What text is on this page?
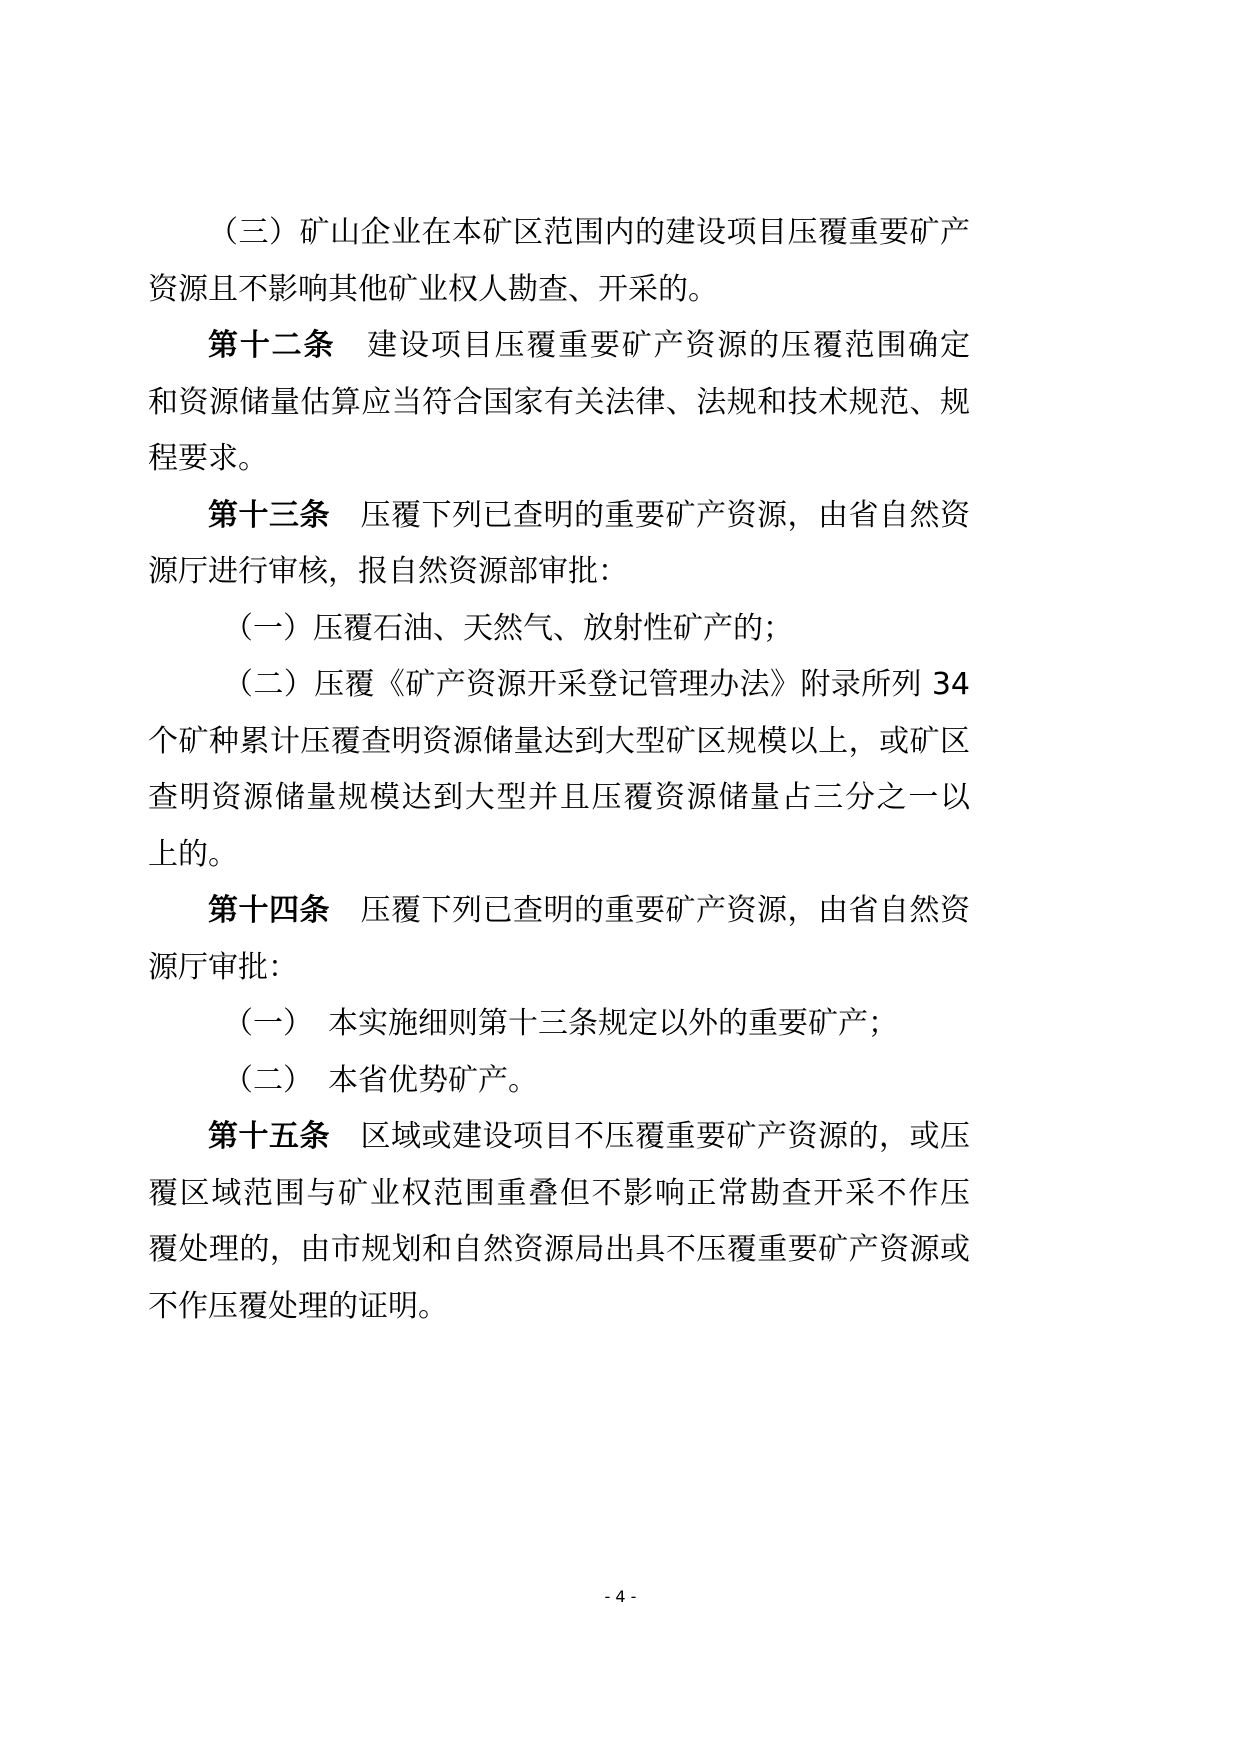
（三）矿山企业在本矿区范围内的建设项目压覆重要矿产
资源且不影响其他矿业权人勘查、开采的。
第十二条 建设项目压覆重要矿产资源的压覆范围确定
和资源储量估算应当符合国家有关法律、法规和技术规范、规
程要求。
第十三条 压覆下列已查明的重要矿产资源，由省自然资
源厅进行审核，报自然资源部审批：
（一）压覆石油、天然气、放射性矿产的；
（二）压覆《矿产资源开采登记管理办法》附录所列 34
个矿种累计压覆查明资源储量达到大型矿区规模以上，或矿区
查明资源储量规模达到大型并且压覆资源储量占三分之一以
上的。
第十四条 压覆下列已查明的重要矿产资源，由省自然资
源厅审批：
（一）　本实施细则第十三条规定以外的重要矿产；
（二）　本省优势矿产。
第十五条 区域或建设项目不压覆重要矿产资源的，或压
覆区域范围与矿业权范围重叠但不影响正常勘查开采不作压
覆处理的，由市规划和自然资源局出具不压覆重要矿产资源或
不作压覆处理的证明。
- 4 -
